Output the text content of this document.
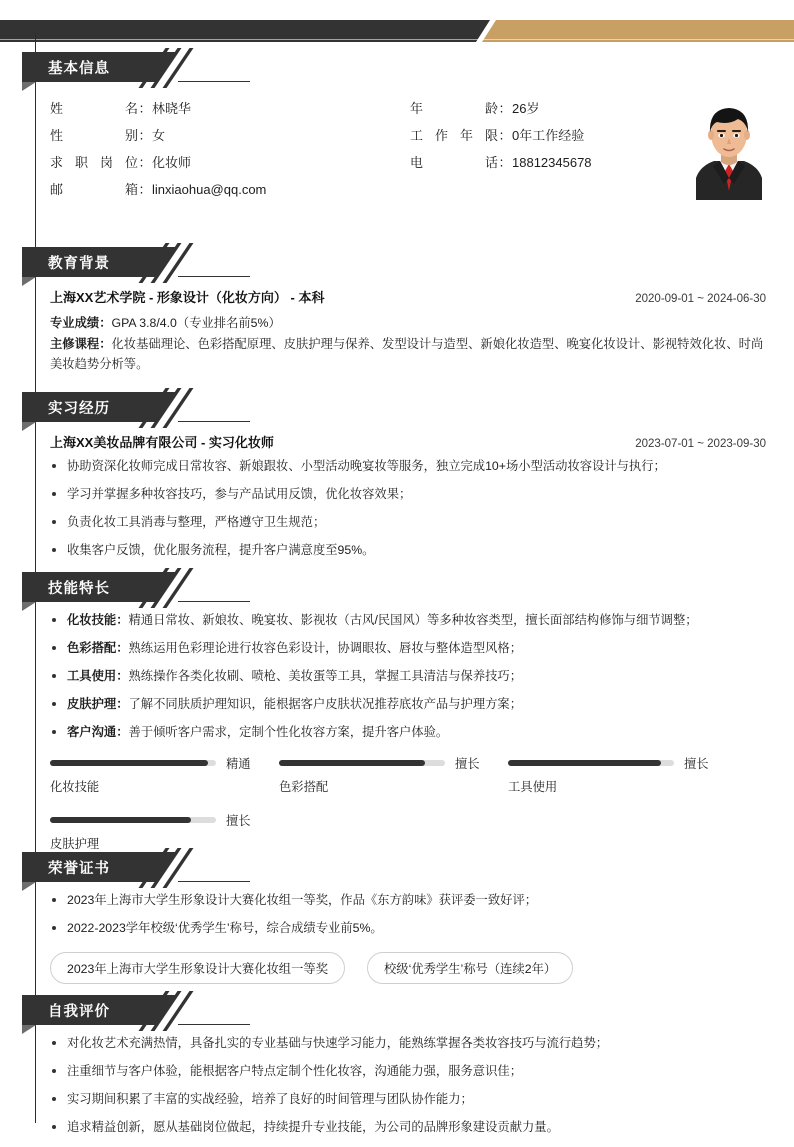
基本信息
姓名 ： 林晓华
性别 ： 女
求职岗位 ： 化妆师
邮箱 ： linxiaohua@qq.com
年龄 ： 26岁
工作年限 ： 0年工作经验
电话 ： 18812345678
教育背景
上海XX艺术学院 - 形象设计（化妆方向） - 本科	2020-09-01 ~ 2024-06-30
专业成绩：GPA 3.8/4.0（专业排名前5%）
主修课程：化妆基础理论、色彩搭配原理、皮肤护理与保养、发型设计与造型、新娘化妆造型、晚宴化妆设计、影视特效化妆、时尚美妆趋势分析等。
实习经历
上海XX美妆品牌有限公司 - 实习化妆师	2023-07-01 ~ 2023-09-30
协助资深化妆师完成日常妆容、新娘跟妆、小型活动晚宴妆等服务，独立完成10+场小型活动妆容设计与执行；
学习并掌握多种妆容技巧，参与产品试用反馈，优化妆容效果；
负责化妆工具消毒与整理，严格遵守卫生规范；
收集客户反馈，优化服务流程，提升客户满意度至95%。
技能特长
化妆技能：精通日常妆、新娘妆、晚宴妆、影视妆（古风/民国风）等多种妆容类型，擅长面部结构修饰与细节调整；
色彩搭配：熟练运用色彩理论进行妆容色彩设计，协调眼妆、唇妆与整体造型风格；
工具使用：熟练操作各类化妆刷、喷枪、美妆蛋等工具，掌握工具清洁与保养技巧；
皮肤护理：了解不同肤质护理知识，能根据客户皮肤状况推荐底妆产品与护理方案；
客户沟通：善于倾听客户需求，定制个性化妆容方案，提升客户体验。
精通
化妆技能
擅长
色彩搭配
擅长
工具使用
擅长
皮肤护理
荣誉证书
2023年上海市大学生形象设计大赛化妆组一等奖，作品《东方韵味》获评委一致好评；
2022-2023学年校级‘优秀学生’称号，综合成绩专业前5%。
2023年上海市大学生形象设计大赛化妆组一等奖	校级‘优秀学生’称号（连续2年）
自我评价
对化妆艺术充满热情，具备扎实的专业基础与快速学习能力，能熟练掌握各类妆容技巧与流行趋势；
注重细节与客户体验，能根据客户特点定制个性化妆容，沟通能力强，服务意识佳；
实习期间积累了丰富的实战经验，培养了良好的时间管理与团队协作能力；
追求精益创新，愿从基础岗位做起，持续提升专业技能，为公司的品牌形象建设贡献力量。
